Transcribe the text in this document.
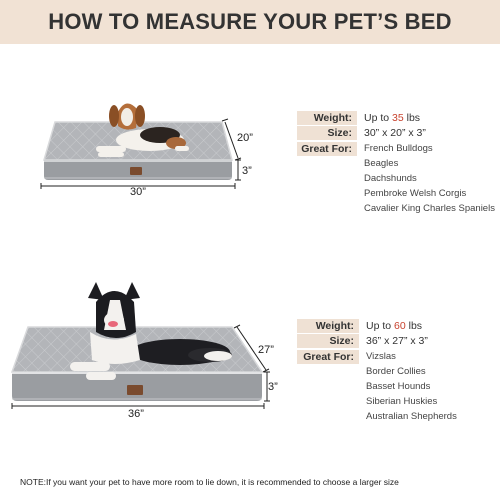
HOW TO MEASURE YOUR PET’S BED
30”
20”
3”
36”
27”
3”
Weight:	Up to 35 lbs
Size:	30” x 20” x 3”
Great For:	French Bulldogs
Beagles
Dachshunds
Pembroke Welsh Corgis
Cavalier King Charles Spaniels
Weight:	Up to 60 lbs
Size:	36” x 27” x 3”
Great For:	Vizslas
Border Collies
Basset Hounds
Siberian Huskies
Australian Shepherds
NOTE:If you want your pet to have more room to lie down, it is recommended to choose a larger size
